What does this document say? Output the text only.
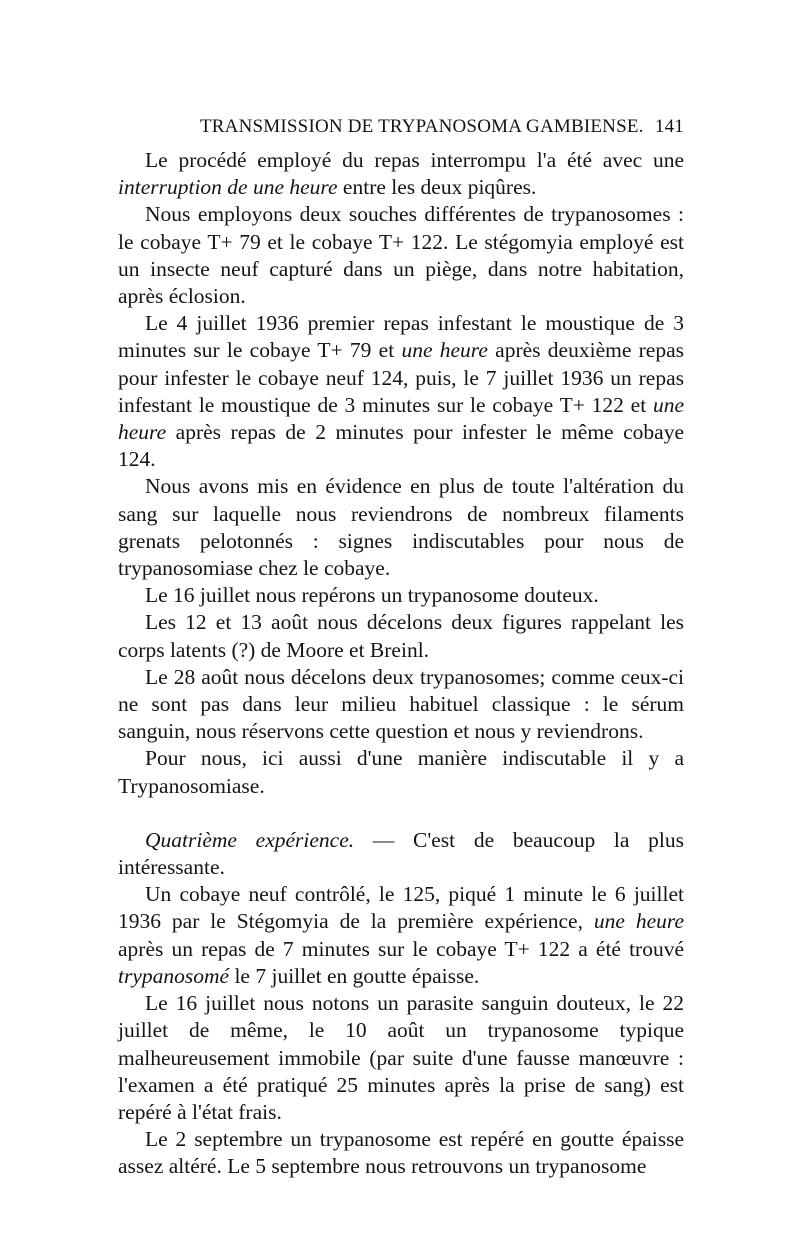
TRANSMISSION DE TRYPANOSOMA GAMBIENSE. 141

Le procédé employé du repas interrompu l'a été avec une interruption de une heure entre les deux piqûres.

Nous employons deux souches différentes de trypanosomes : le cobaye T+ 79 et le cobaye T+ 122. Le stégomyia employé est un insecte neuf capturé dans un piège, dans notre habitation, après éclosion.

Le 4 juillet 1936 premier repas infestant le moustique de 3 minutes sur le cobaye T+ 79 et une heure après deuxième repas pour infester le cobaye neuf 124, puis, le 7 juillet 1936 un repas infestant le moustique de 3 minutes sur le cobaye T+ 122 et une heure après repas de 2 minutes pour infester le même cobaye 124.

Nous avons mis en évidence en plus de toute l'altération du sang sur laquelle nous reviendrons de nombreux filaments grenats pelotonnés : signes indiscutables pour nous de trypanosomiase chez le cobaye.

Le 16 juillet nous repérons un trypanosome douteux.

Les 12 et 13 août nous décelons deux figures rappelant les corps latents (?) de Moore et Breinl.

Le 28 août nous décelons deux trypanosomes; comme ceux-ci ne sont pas dans leur milieu habituel classique : le sérum sanguin, nous réservons cette question et nous y reviendrons.

Pour nous, ici aussi d'une manière indiscutable il y a Trypanosomiase.

Quatrième expérience. — C'est de beaucoup la plus intéressante.

Un cobaye neuf contrôlé, le 125, piqué 1 minute le 6 juillet 1936 par le Stégomyia de la première expérience, une heure après un repas de 7 minutes sur le cobaye T+ 122 a été trouvé trypanosomé le 7 juillet en goutte épaisse.

Le 16 juillet nous notons un parasite sanguin douteux, le 22 juillet de même, le 10 août un trypanosome typique malheureusement immobile (par suite d'une fausse manœuvre : l'examen a été pratiqué 25 minutes après la prise de sang) est repéré à l'état frais.

Le 2 septembre un trypanosome est repéré en goutte épaisse assez altéré. Le 5 septembre nous retrouvons un trypanosome
